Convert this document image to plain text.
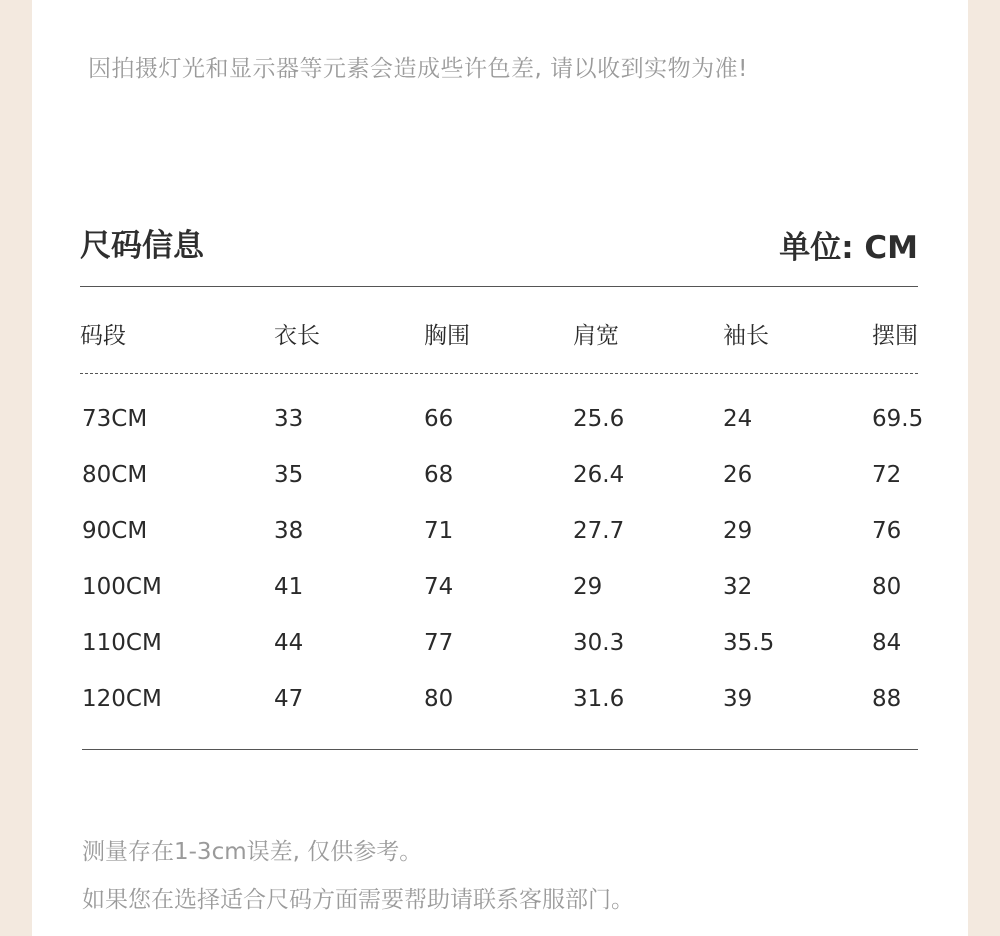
因拍摄灯光和显示器等元素会造成些许色差, 请以收到实物为准!
尺码信息	单位: CM
码段	衣长	胸围	肩宽	袖长	摆围
73CM	33	66	25.6	24	69.5
80CM	35	68	26.4	26	72
90CM	38	71	27.7	29	76
100CM	41	74	29	32	80
110CM	44	77	30.3	35.5	84
120CM	47	80	31.6	39	88
测量存在1-3cm误差, 仅供参考。
如果您在选择适合尺码方面需要帮助请联系客服部门。
